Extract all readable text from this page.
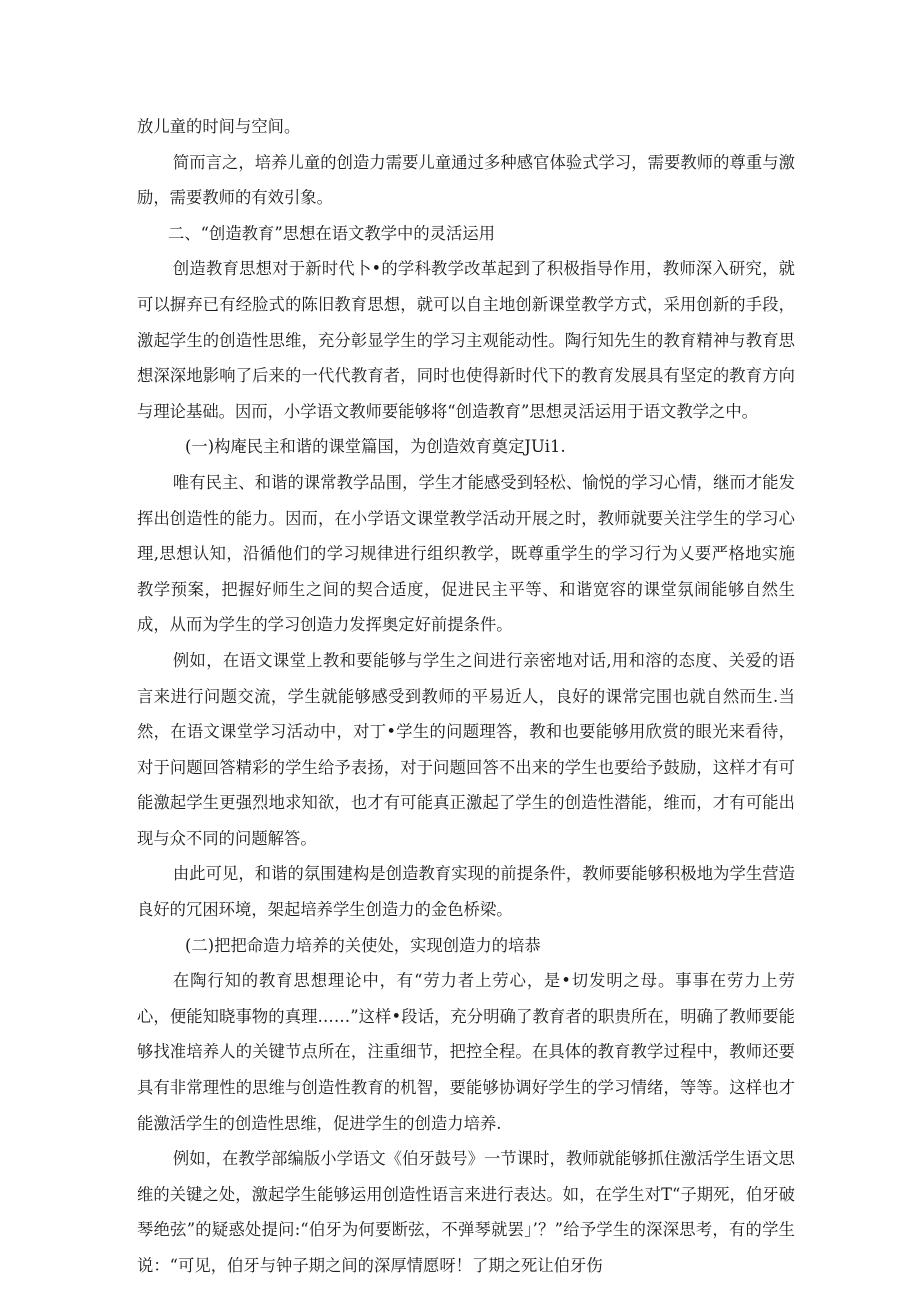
放儿童的时间与空间。

简而言之，培养儿童的创造力需要儿童通过多种感官体验式学习，需要教师的尊重与激励，需要教师的有效引象。

二、“创造教育”思想在语文教学中的灵活运用

创造教育思想对于新时代卜•的学科教学改革起到了积极指导作用，教师深入研究，就可以摒弃已有经脸式的陈旧教育思想，就可以自主地创新课堂教学方式，采用创新的手段，激起学生的创造性思维，充分彰显学生的学习主观能动性。陶行知先生的教育精神与教育思想深深地影响了后来的一代代教育者，同时也使得新时代下的教育发展具有坚定的教育方向与理论基础。因而，小学语文教师要能够将“创造教育”思想灵活运用于语文教学之中。

(一)构庵民主和谐的课堂篇国，为创造效育奠定JUi1.

唯有民主、和谐的课常教学品围，学生才能感受到轻松、愉悦的学习心情，继而才能发挥出创造性的能力。因而，在小学语文课堂教学活动开展之时，教师就要关注学生的学习心理,思想认知，沿循他们的学习规律进行组织教学，既尊重学生的学习行为乂要严格地实施教学预案，把握好师生之间的契合适度，促进民主平等、和谐宽容的课堂氛闹能够自然生成，从而为学生的学习创造力发挥奥定好前提条件。

例如，在语文课堂上教和要能够与学生之间进行亲密地对话,用和溶的态度、关爱的语言来进行问题交流，学生就能够感受到教师的平易近人，良好的课常完围也就自然而生.当然，在语文课堂学习活动中，对丁•学生的问题理答，教和也要能够用欣赏的眼光来看待，对于问题回答精彩的学生给予表扬，对于问题回答不出来的学生也要给予鼓励，这样才有可能激起学生更强烈地求知欲，也才有可能真正激起了学生的创造性潜能，维而，才有可能出现与众不同的问题解答。

由此可见，和谐的氛围建构是创造教育实现的前提条件，教师要能够积极地为学生营造良好的冗困环境，架起培养学生创造力的金色桥梁。

(二)把把命造力培养的关使处，实现创造力的培恭

在陶行知的教育思想理论中，有“劳力者上劳心，是•切发明之母。事事在劳力上劳心，便能知晓事物的真理……”这样•段话，充分明确了教育者的职贵所在，明确了教师要能够找准培养人的关键节点所在，注重细节，把控全程。在具体的教育教学过程中，教师还要具有非常理性的思维与创造性教育的机智，要能够协调好学生的学习情绪，等等。这样也才能激活学生的创造性思维，促进学生的创造力培养.

例如，在教学部编版小学语文《伯牙鼓号》一节课时，教师就能够抓住激活学生语文思维的关键之处，激起学生能够运用创造性语言来进行表达。如，在学生对T“子期死，伯牙破琴绝弦”的疑惑处提问:“伯牙为何要断弦，不弹琴就罢」’？”给予学生的深深思考，有的学生说：“可见，伯牙与钟子期之间的深厚情愿呀！了期之死让伯牙伤
